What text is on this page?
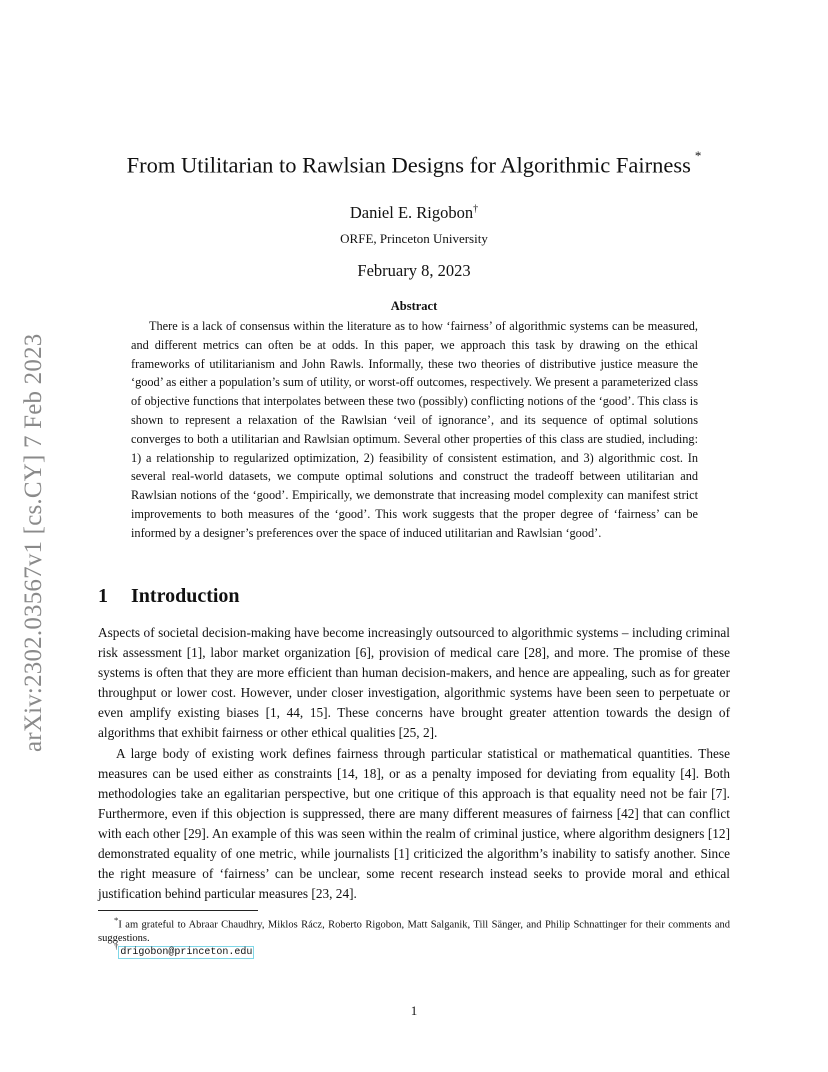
arXiv:2302.03567v1 [cs.CY] 7 Feb 2023
From Utilitarian to Rawlsian Designs for Algorithmic Fairness *
Daniel E. Rigobon†
ORFE, Princeton University
February 8, 2023
Abstract

There is a lack of consensus within the literature as to how ‘fairness’ of algorithmic systems can be measured, and different metrics can often be at odds. In this paper, we approach this task by drawing on the ethical frameworks of utilitarianism and John Rawls. Informally, these two theories of distributive justice measure the ‘good’ as either a population’s sum of utility, or worst-off outcomes, respectively. We present a parameterized class of objective functions that interpolates between these two (possibly) conflicting notions of the ‘good’. This class is shown to represent a relaxation of the Rawlsian ‘veil of ignorance’, and its sequence of optimal solutions converges to both a utilitarian and Rawlsian optimum. Several other properties of this class are studied, including: 1) a relationship to regularized optimization, 2) feasibility of consistent estimation, and 3) algorithmic cost. In several real-world datasets, we compute optimal solutions and construct the tradeoff between utilitarian and Rawlsian notions of the ‘good’. Empirically, we demonstrate that increasing model complexity can manifest strict improvements to both measures of the ‘good’. This work suggests that the proper degree of ‘fairness’ can be informed by a designer’s preferences over the space of induced utilitarian and Rawlsian ‘good’.

1 Introduction

Aspects of societal decision-making have become increasingly outsourced to algorithmic systems – including criminal risk assessment [1], labor market organization [6], provision of medical care [28], and more. The promise of these systems is often that they are more efficient than human decision-makers, and hence are appealing, such as for greater throughput or lower cost. However, under closer investigation, algorithmic systems have been seen to perpetuate or even amplify existing biases [1, 44, 15]. These concerns have brought greater attention towards the design of algorithms that exhibit fairness or other ethical qualities [25, 2].

A large body of existing work defines fairness through particular statistical or mathematical quantities. These measures can be used either as constraints [14, 18], or as a penalty imposed for deviating from equality [4]. Both methodologies take an egalitarian perspective, but one critique of this approach is that equality need not be fair [7]. Furthermore, even if this objection is suppressed, there are many different measures of fairness [42] that can conflict with each other [29]. An example of this was seen within the realm of criminal justice, where algorithm designers [12] demonstrated equality of one metric, while journalists [1] criticized the algorithm’s inability to satisfy another. Since the right measure of ‘fairness’ can be unclear, some recent research instead seeks to provide moral and ethical justification behind particular measures [23, 24].

*I am grateful to Abraar Chaudhry, Miklos Rácz, Roberto Rigobon, Matt Salganik, Till Sänger, and Philip Schnattinger for their comments and suggestions.

†drigobon@princeton.edu

1
